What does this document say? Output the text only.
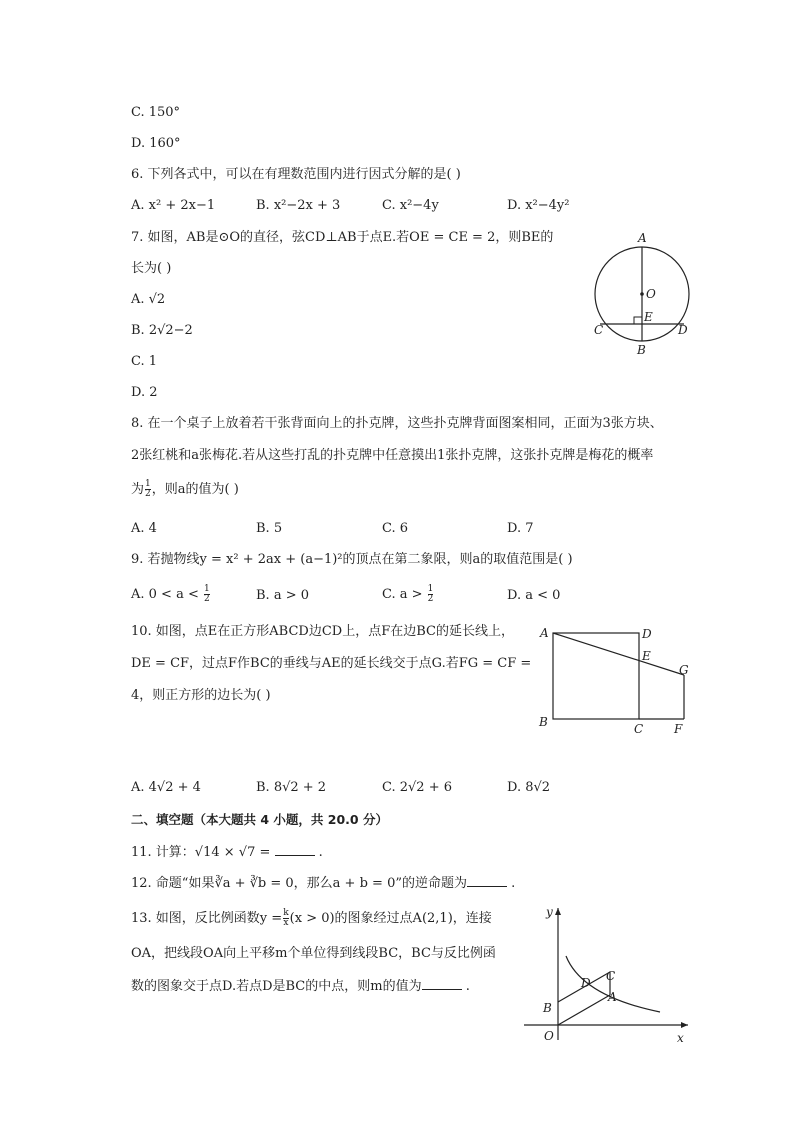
C. 150°
D. 160°
6. 下列各式中，可以在有理数范围内进行因式分解的是( )
A. x² + 2x−1	B. x²−2x + 3	C. x²−4y	D. x²−4y²
7. 如图，AB是⊙O的直径，弦CD⊥AB于点E.若OE = CE = 2，则BE的
长为( )
A. √2
B. 2√2−2
C. 1
D. 2
A
O
E
C	D
B
8. 在一个桌子上放着若干张背面向上的扑克牌，这些扑克牌背面图案相同，正面为3张方块、
2张红桃和a张梅花.若从这些打乱的扑克牌中任意摸出1张扑克牌，这张扑克牌是梅花的概率
为 $\frac{1}{2}$ ，则a的值为( )
A. 4	B. 5	C. 6	D. 7
9. 若抛物线y = x² + 2ax + (a−1)²的顶点在第二象限，则a的取值范围是( )
A. $0 < a < \frac{1}{2}$	B. a > 0	C. $a > \frac{1}{2}$	D. a < 0
10. 如图，点E在正方形ABCD边CD上，点F在边BC的延长线上，
DE = CF，过点F作BC的垂线与AE的延长线交于点G.若FG = CF =
4，则正方形的边长为( )
A	D
E
G
B	C	F
A. 4√2 + 4	B. 8√2 + 2	C. 2√2 + 6	D. 8√2
二、填空题（本大题共 4 小题，共 20.0 分）
11. 计算：√14 × √7 =	.
12. 命题“如果∛a + ∛b = 0，那么a + b = 0”的逆命题为	.
13. 如图，反比例函数$y = \frac{k}{x} (x > 0)$的图象经过点A(2,1)，连接
OA，把线段OA向上平移m个单位得到线段BC，BC与反比例函
数的图象交于点D.若点D是BC的中点，则m的值为	.
y
x
O
B
D C
A
